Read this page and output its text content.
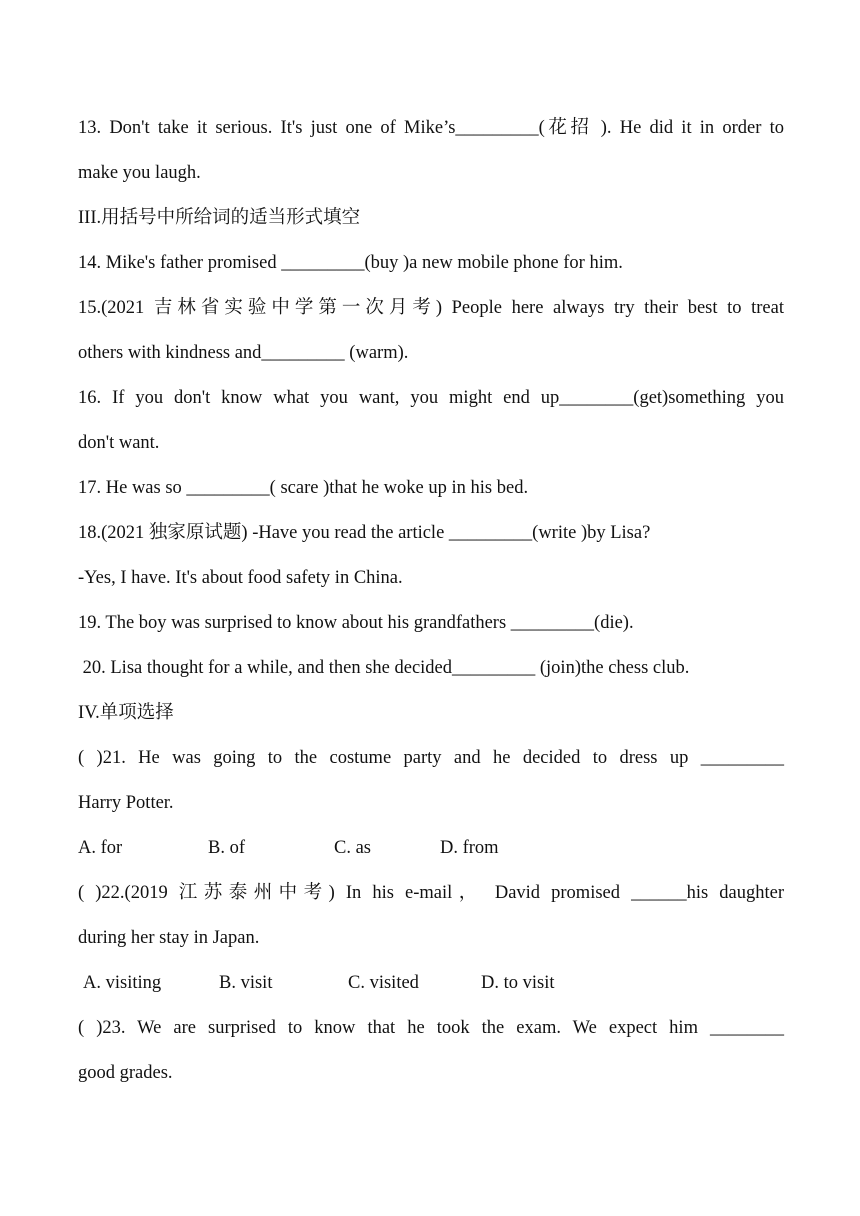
13. Don't take it serious. It's just one of Mike’s_________(花招 ). He did it in order to
make you laugh.
III.用括号中所给词的适当形式填空
14. Mike's father promised _________(buy )a new mobile phone for him.
15.(2021 吉林省实验中学第一次月考) People here always try their best to treat
others with kindness and_________ (warm).
16. If you don't know what you want, you might end up________(get)something you
don't want.
17. He was so _________( scare )that he woke up in his bed.
18.(2021 独家原试题) -Have you read the article _________(write )by Lisa?
-Yes, I have. It's about food safety in China.
19. The boy was surprised to know about his grandfathers _________(die).
20. Lisa thought for a while, and then she decided_________ (join)the chess club.
IV.单项选择
( )21. He was going to the costume party and he decided to dress up _________
Harry Potter.
A. for	B. of	C. as	D. from
( )22.(2019 江苏泰州中考) In his e-mail， David promised ______his daughter
during her stay in Japan.
A. visiting	B. visit	C. visited	D. to visit
( )23. We are surprised to know that he took the exam. We expect him ________
good grades.
